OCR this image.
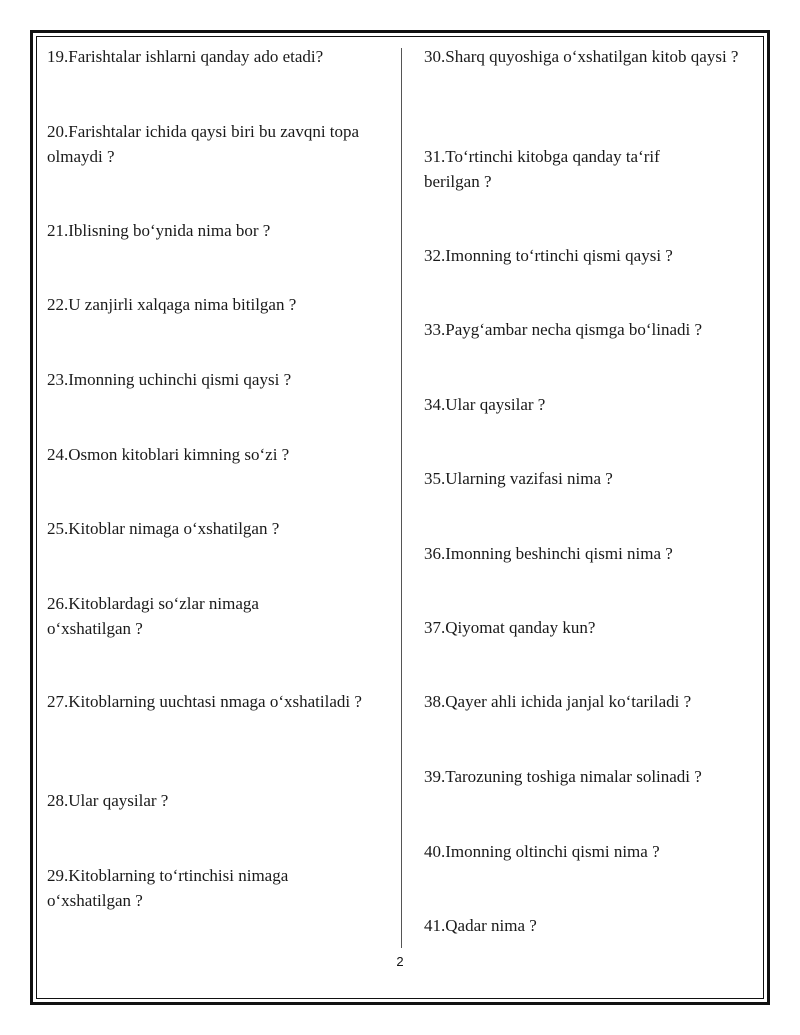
19.Farishtalar ishlarni qanday ado etadi?
20.Farishtalar ichida qaysi biri bu zavqni topa olmaydi ?
21.Iblisning bo‘ynida nima bor ?
22.U zanjirli xalqaga nima bitilgan ?
23.Imonning uchinchi qismi qaysi ?
24.Osmon kitoblari kimning so‘zi ?
25.Kitoblar nimaga o‘xshatilgan ?
26.Kitoblardagi so‘zlar nimaga o‘xshatilgan ?
27.Kitoblarning uuchtasi nmaga o‘xshatiladi ?
28.Ular qaysilar ?
29.Kitoblarning to‘rtinchisi nimaga o‘xshatilgan ?
30.Sharq quyoshiga o‘xshatilgan kitob qaysi ?
31.To‘rtinchi kitobga qanday ta‘rif berilgan ?
32.Imonning to‘rtinchi qismi qaysi ?
33.Payg‘ambar necha qismga bo‘linadi ?
34.Ular qaysilar ?
35.Ularning vazifasi nima ?
36.Imonning beshinchi qismi nima ?
37.Qiyomat qanday kun?
38.Qayer ahli ichida janjal ko‘tariladi ?
39.Tarozuning toshiga nimalar solinadi ?
40.Imonning oltinchi qismi nima ?
41.Qadar nima ?
2
